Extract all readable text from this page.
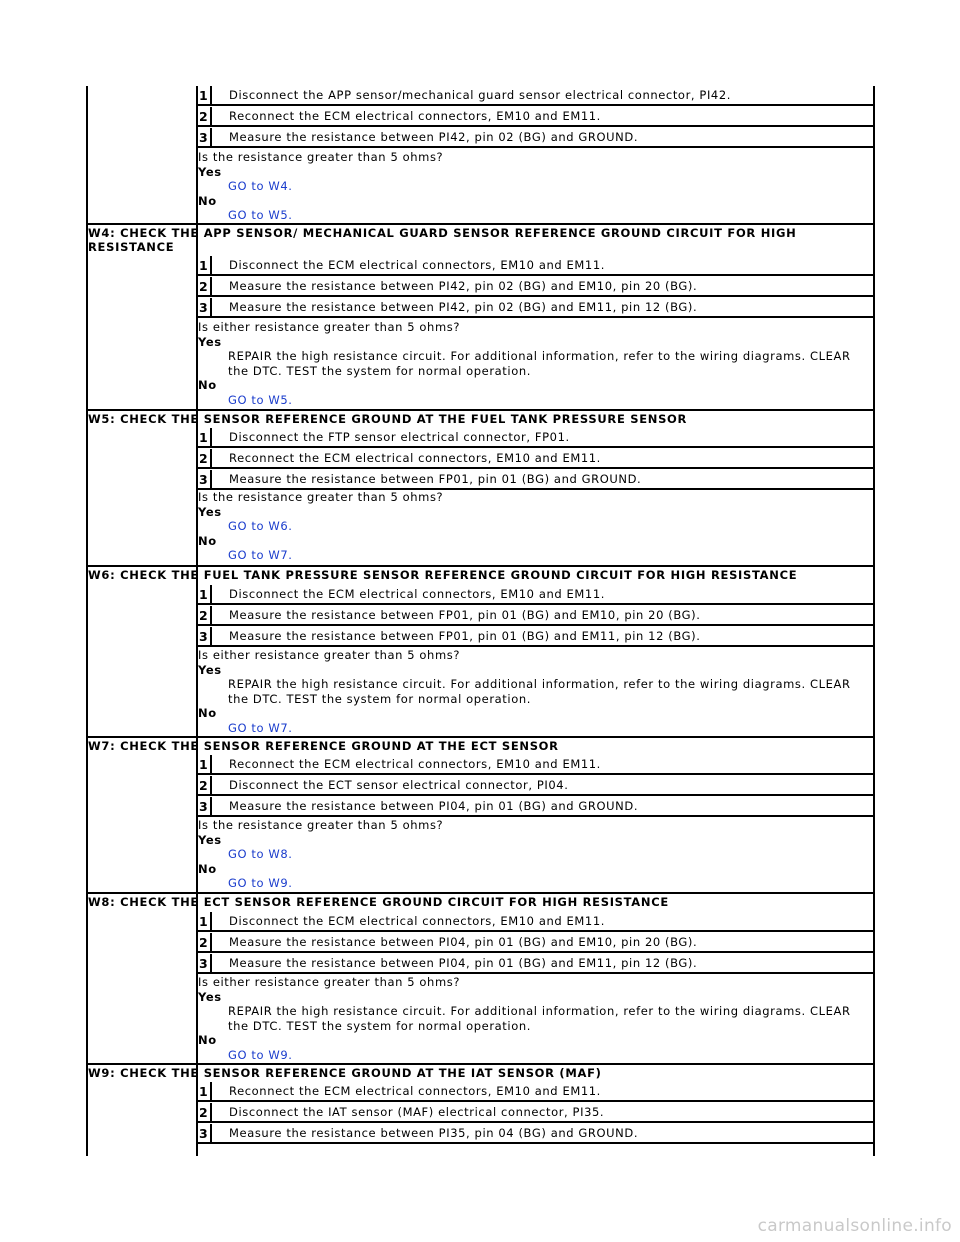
1 Disconnect the APP sensor/mechanical guard sensor electrical connector, PI42.
2 Reconnect the ECM electrical connectors, EM10 and EM11.
3 Measure the resistance between PI42, pin 02 (BG) and GROUND.
Is the resistance greater than 5 ohms?
Yes
GO to W4.
No
GO to W5.
W4: CHECK THE APP SENSOR/ MECHANICAL GUARD SENSOR REFERENCE GROUND CIRCUIT FOR HIGH RESISTANCE
1 Disconnect the ECM electrical connectors, EM10 and EM11.
2 Measure the resistance between PI42, pin 02 (BG) and EM10, pin 20 (BG).
3 Measure the resistance between PI42, pin 02 (BG) and EM11, pin 12 (BG).
Is either resistance greater than 5 ohms?
Yes
REPAIR the high resistance circuit. For additional information, refer to the wiring diagrams. CLEAR the DTC. TEST the system for normal operation.
No
GO to W5.
W5: CHECK THE SENSOR REFERENCE GROUND AT THE FUEL TANK PRESSURE SENSOR
1 Disconnect the FTP sensor electrical connector, FP01.
2 Reconnect the ECM electrical connectors, EM10 and EM11.
3 Measure the resistance between FP01, pin 01 (BG) and GROUND.
Is the resistance greater than 5 ohms?
Yes
GO to W6.
No
GO to W7.
W6: CHECK THE FUEL TANK PRESSURE SENSOR REFERENCE GROUND CIRCUIT FOR HIGH RESISTANCE
1 Disconnect the ECM electrical connectors, EM10 and EM11.
2 Measure the resistance between FP01, pin 01 (BG) and EM10, pin 20 (BG).
3 Measure the resistance between FP01, pin 01 (BG) and EM11, pin 12 (BG).
Is either resistance greater than 5 ohms?
Yes
REPAIR the high resistance circuit. For additional information, refer to the wiring diagrams. CLEAR the DTC. TEST the system for normal operation.
No
GO to W7.
W7: CHECK THE SENSOR REFERENCE GROUND AT THE ECT SENSOR
1 Reconnect the ECM electrical connectors, EM10 and EM11.
2 Disconnect the ECT sensor electrical connector, PI04.
3 Measure the resistance between PI04, pin 01 (BG) and GROUND.
Is the resistance greater than 5 ohms?
Yes
GO to W8.
No
GO to W9.
W8: CHECK THE ECT SENSOR REFERENCE GROUND CIRCUIT FOR HIGH RESISTANCE
1 Disconnect the ECM electrical connectors, EM10 and EM11.
2 Measure the resistance between PI04, pin 01 (BG) and EM10, pin 20 (BG).
3 Measure the resistance between PI04, pin 01 (BG) and EM11, pin 12 (BG).
Is either resistance greater than 5 ohms?
Yes
REPAIR the high resistance circuit. For additional information, refer to the wiring diagrams. CLEAR the DTC. TEST the system for normal operation.
No
GO to W9.
W9: CHECK THE SENSOR REFERENCE GROUND AT THE IAT SENSOR (MAF)
1 Reconnect the ECM electrical connectors, EM10 and EM11.
2 Disconnect the IAT sensor (MAF) electrical connector, PI35.
3 Measure the resistance between PI35, pin 04 (BG) and GROUND.
carmanualsonline.info
